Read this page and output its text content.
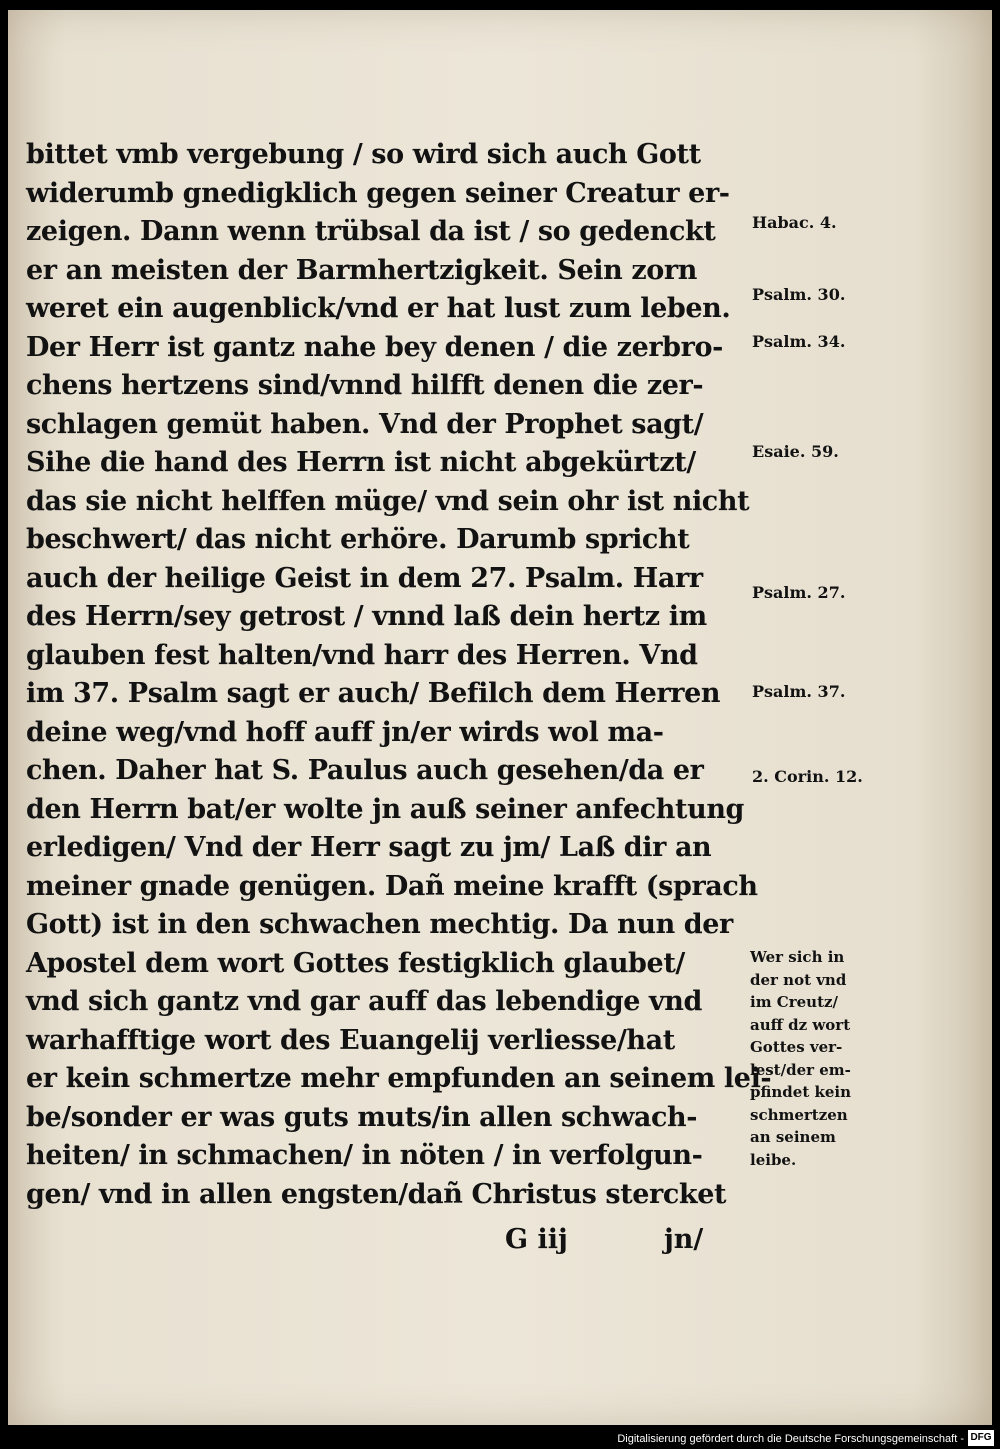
bittet vmb vergebung / so wird sich auch Gott
widerumb gnedigklich gegen seiner Creatur er-
zeigen. Dann wenn trübsal da ist / so gedenckt
er an meisten der Barmhertzigkeit. Sein zorn
weret ein augenblick/vnd er hat lust zum leben.
Der Herr ist gantz nahe bey denen / die zerbro-
chens hertzens sind/vnnd hilfft denen die zer-
schlagen gemüt haben. Vnd der Prophet sagt/
Sihe die hand des Herrn ist nicht abgekürtzt/
das sie nicht helffen müge/ vnd sein ohr ist nicht
beschwert/ das nicht erhöre. Darumb spricht
auch der heilige Geist in dem 27. Psalm. Harr
des Herrn/sey getrost / vnnd laß dein hertz im
glauben fest halten/vnd harr des Herren. Vnd
im 37. Psalm sagt er auch/ Befilch dem Herren
deine weg/vnd hoff auff jn/er wirds wol ma-
chen. Daher hat S. Paulus auch gesehen/da er
den Herrn bat/er wolte jn auß seiner anfechtung
erledigen/ Vnd der Herr sagt zu jm/ Laß dir an
meiner gnade genügen. Dañ meine krafft (sprach
Gott) ist in den schwachen mechtig. Da nun der
Apostel dem wort Gottes festigklich glaubet/
vnd sich gantz vnd gar auff das lebendige vnd
warhafftige wort des Euangelij verliesse/hat
er kein schmertze mehr empfunden an seinem lei-
be/sonder er was guts muts/in allen schwach-
heiten/ in schmachen/ in nöten / in verfolgun-
gen/ vnd in allen engsten/dañ Christus stercket
Habac. 4.
Psalm. 30.
Psalm. 34.
Esaie. 59.
Psalm. 27.
Psalm. 37.
2. Corin. 12.
Wer sich in
der not vnd
im Creutz/
auff dz wort
Gottes ver-
lest/der em-
pfindet kein
schmertzen
an seinem
leibe.
G iij	jn/
Digitalisierung gefördert durch die Deutsche Forschungsgemeinschaft - DFG
